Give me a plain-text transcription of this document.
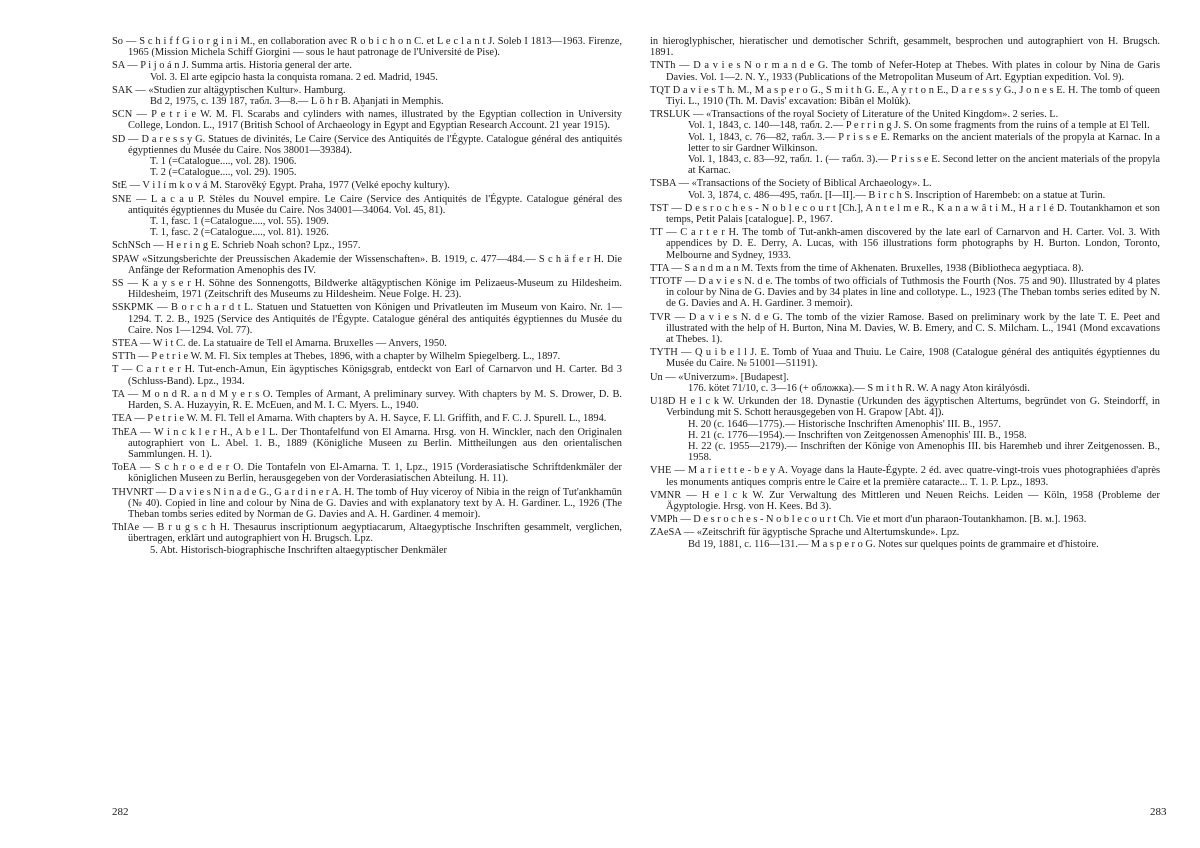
So — S c h i f f G i o r g i n i M., en collaboration avec R o b i c h o n C. et L e c l a n t J. Soleb I 1813—1963. Firenze, 1965 (Mission Michela Schiff Giorgini — sous le haut patronage de l'Université de Pise).
SA — P i j o á n J. Summa artis. Historia general der arte.
Vol. 3. El arte egipcio hasta la conquista romana. 2 ed. Madrid, 1945.
SAK — «Studien zur altägyptischen Kultur». Hamburg.
Bd 2, 1975, c. 139 187, табл. 3—8.— L ö h r B. Aḫanjati in Memphis.
SCN — P e t r i e W. M. Fl. Scarabs and cylinders with names, illustrated by the Egyptian collection in University College, London. L., 1917 (British School of Archaeology in Egypt and Egyptian Research Account. 21 year 1915).
SD — D a r e s s y G. Statues de divinités, Le Caire (Service des Antiquités de l'Égypte. Catalogue général des antiquités égyptiennes du Musée du Caire. Nos 38001—39384).
T. 1 (=Catalogue...., vol. 28). 1906.
T. 2 (=Catalogue...., vol. 29). 1905.
StE — V i l í m k o v á M. Starověký Egypt. Praha, 1977 (Velké epochy kultury).
SNE — L a c a u P. Stèles du Nouvel empire. Le Caire (Service des Antiquités de l'Égypte. Catalogue général des antiquités égyptiennes du Musée du Caire. Nos 34001—34064. Vol. 45, 81).
T. 1, fasc. 1 (=Catalogue...., vol. 55). 1909.
T. 1, fasc. 2 (=Catalogue...., vol. 81). 1926.
SchNSch — H e r i n g E. Schrieb Noah schon? Lpz., 1957.
SPAW «Sitzungsberichte der Preussischen Akademie der Wissenschaften». B. 1919, c. 477—484.— S c h ä f e r H. Die Anfänge der Reformation Amenophis des IV.
SS — K a y s e r H. Söhne des Sonnengotts, Bildwerke altägyptischen Könige im Pelizaeus-Museum zu Hildesheim. Hildesheim, 1971 (Zeitschrift des Museums zu Hildesheim. Neue Folge. H. 23).
SSKPMK — B o r c h a r d t L. Statuen und Statuetten von Königen und Privatleuten im Museum von Kairo. Nr. 1—1294. T. 2. B., 1925 (Service des Antiquités de l'Égypte. Catalogue général des antiquités égyptiennes du Musée du Caire. Nos 1—1294. Vol. 77).
STEA — W i t C. de. La statuaire de Tell el Amarna. Bruxelles — Anvers, 1950.
STTh — P e t r i e W. M. Fl. Six temples at Thebes, 1896, with a chapter by Wilhelm Spiegelberg. L., 1897.
T — C a r t e r H. Tut-ench-Amun, Ein ägyptisches Königsgrab, entdeckt von Earl of Carnarvon und H. Carter. Bd 3 (Schluss-Band). Lpz., 1934.
TA — M o n d R. a n d M y e r s O. Temples of Armant, A preliminary survey. With chapters by M. S. Drower, D. B. Harden, S. A. Huzayyin, R. E. McEuen, and M. I. C. Myers. L., 1940.
TEA — P e t r i e W. M. Fl. Tell el Amarna. With chapters by A. H. Sayce, F. Ll. Griffith, and F. C. J. Spurell. L., 1894.
ThEA — W i n c k l e r H., A b e l L. Der Thontafelfund von El Amarna. Hrsg. von H. Winckler, nach den Originalen autographiert von L. Abel. 1. B., 1889 (Königliche Museen zu Berlin. Mittheilungen aus den orientalischen Sammlungen. H. 1).
ToEA — S c h r o e d e r O. Die Tontafeln von El-Amarna. T. 1, Lpz., 1915 (Vorderasiatische Schriftdenkmäler der königlichen Museen zu Berlin, herausgegeben von der Vorderasiatischen Abteilung. H. 11).
THVNRT — D a v i e s N i n a d e G., G a r d i n e r A. H. The tomb of Huy viceroy of Nibia in the reign of Tut'ankhamūn (№ 40). Copied in line and colour by Nina de G. Davies and with explanatory text by A. H. Gardiner. L., 1926 (The Theban tombs series edited by Norman de G. Davies and A. H. Gardiner. 4 memoir).
ThIAe — B r u g s c h H. Thesaurus inscriptionum aegyptiacarum, Altaegyptische Inschriften gesammelt, verglichen, übertragen, erklärt und autographiert von H. Brugsch. Lpz.
5. Abt. Historisch-biographische Inschriften altaegyptischer Denkmäler
in hieroglyphischer, hieratischer und demotischer Schrift, gesammelt, besprochen und autographiert von H. Brugsch. 1891.
TNTh — D a v i e s N o r m a n d e G. The tomb of Nefer-Hotep at Thebes. With plates in colour by Nina de Garis Davies. Vol. 1—2. N. Y., 1933 (Publications of the Metropolitan Museum of Art. Egyptian expedition. Vol. 9).
TQT D a v i e s T h. M., M a s p e r o G., S m i t h G. E., A y r t o n E., D a r e s s y G., J o n e s E. H. The tomb of queen Tiyi. L., 1910 (Th. M. Davis' excavation: Bibân el Molûk).
TRSLUK — «Transactions of the royal Society of Literature of the United Kingdom». 2 series. L.
Vol. 1, 1843, c. 140—148, табл. 2.— P e r r i n g J. S. On some fragments from the ruins of a temple at El Tell.
Vol. 1, 1843, c. 76—82, табл. 3.— P r i s s e E. Remarks on the ancient materials of the propyla at Karnac. In a letter to sir Gardner Wilkinson.
Vol. 1, 1843, c. 83—92, табл. 1. (— табл. 3).— P r i s s e E. Second letter on the ancient materials of the propyla at Karnac.
TSBA — «Transactions of the Society of Biblical Archaeology». L.
Vol. 3, 1874, c. 486—495, табл. [I—II].— B i r c h S. Inscription of Harembeb: on a statue at Turin.
TST — D e s r o c h e s - N o b l e c o u r t [Ch.], A n t e l m e R., K a n a w â t i M., H a r l é D. Toutankhamon et son temps, Petit Palais [catalogue]. P., 1967.
TT — C a r t e r H. The tomb of Tut-ankh-amen discovered by the late earl of Carnarvon and H. Carter. Vol. 3. With appendices by D. E. Derry, A. Lucas, with 156 illustrations form photographs by H. Burton. London, Toronto, Melbourne and Sydney, 1933.
TTA — S a n d m a n M. Texts from the time of Akhenaten. Bruxelles, 1938 (Bibliotheca aegyptiaca. 8).
TTOTF — D a v i e s N. d e. The tombs of two officials of Tuthmosis the Fourth (Nos. 75 and 90). Illustrated by 4 plates in colour by Nina de G. Davies and by 34 plates in line and collotype. L., 1923 (The Theban tombs series edited by N. de G. Davies and A. H. Gardiner. 3 memoir).
TVR — D a v i e s N. d e G. The tomb of the vizier Ramose. Based on preliminary work by the late T. E. Peet and illustrated with the help of H. Burton, Nina M. Davies, W. B. Emery, and C. S. Milcham. L., 1941 (Mond excavations at Thebes. 1).
TYTH — Q u i b e l l J. E. Tomb of Yuaa and Thuiu. Le Caire, 1908 (Catalogue général des antiquités égyptiennes du Musée du Caire. № 51001—51191).
Un — «Univerzum». [Budapest].
176. kötet 71/10, c. 3—16 (+ обложка).— S m i t h R. W. A nagy Aton királyósdi.
U18D H e l c k W. Urkunden der 18. Dynastie (Urkunden des ägyptischen Altertums, begründet von G. Steindorff, in Verbindung mit S. Schott herausgegeben von H. Grapow [Abt. 4]).
H. 20 (c. 1646—1775).— Historische Inschriften Amenophis' III. B., 1957.
H. 21 (c. 1776—1954).— Inschriften von Zeitgenossen Amenophis' III. B., 1958.
H. 22 (c. 1955—2179).— Inschriften der Könige von Amenophis III. bis Haremheb und ihrer Zeitgenossen. B., 1958.
VHE — M a r i e t t e - b e y A. Voyage dans la Haute-Égypte. 2 éd. avec quatre-vingt-trois vues photographiées d'après les monuments antiques compris entre le Caire et la première cataracte... T. 1. P. Lpz., 1893.
VMNR — H e l c k W. Zur Verwaltung des Mittleren und Neuen Reichs. Leiden — Köln, 1958 (Probleme der Ägyptologie. Hrsg. von H. Kees. Bd 3).
VMPh — D e s r o c h e s - N o b l e c o u r t Ch. Vie et mort d'un pharaon-Toutankhamon. [B. м.]. 1963.
ZAeSA — «Zeitschrift für ägyptische Sprache und Altertumskunde». Lpz.
Bd 19, 1881, c. 116—131.— M a s p e r o G. Notes sur quelques points de grammaire et d'histoire.
282	283
